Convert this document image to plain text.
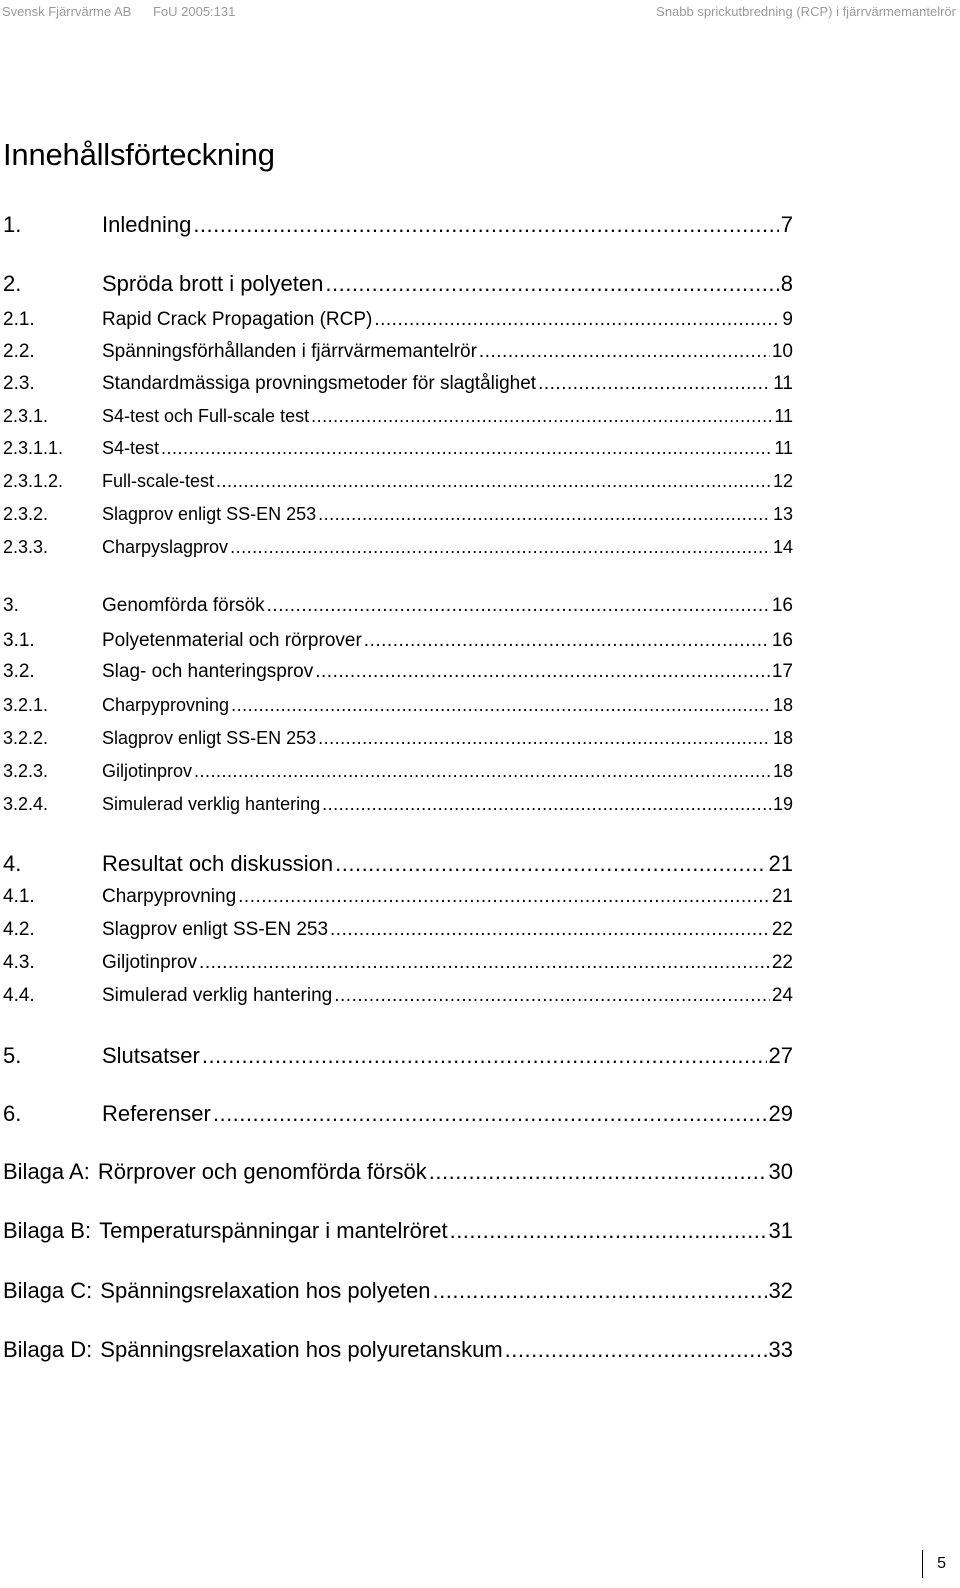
Svensk Fjärrvärme AB FoU 2005:131	Snabb sprickutbredning (RCP) i fjärrvärmemantelrör
Innehållsförteckning
1.	Inledning .....	7
2.	Spröda brott i polyeten .....	8
2.1.	Rapid Crack Propagation (RCP) .....	9
2.2.	Spänningsförhållanden i fjärrvärmemantelrör .....	10
2.3.	Standardmässiga provningsmetoder för slagtålighet .....	11
2.3.1.	S4-test och Full-scale test .....	11
2.3.1.1.	S4-test .....	11
2.3.1.2.	Full-scale-test .....	12
2.3.2.	Slagprov enligt SS-EN 253 .....	13
2.3.3.	Charpyslagprov .....	14
3.	Genomförda försök .....	16
3.1.	Polyetenmaterial och rörprover .....	16
3.2.	Slag- och hanteringsprov .....	17
3.2.1.	Charpyprovning .....	18
3.2.2.	Slagprov enligt SS-EN 253 .....	18
3.2.3.	Giljotinprov .....	18
3.2.4.	Simulerad verklig hantering .....	19
4.	Resultat och diskussion .....	21
4.1.	Charpyprovning .....	21
4.2.	Slagprov enligt SS-EN 253 .....	22
4.3.	Giljotinprov .....	22
4.4.	Simulerad verklig hantering .....	24
5.	Slutsatser .....	27
6.	Referenser .....	29
Bilaga A: Rörprover och genomförda försök .....	30
Bilaga B: Temperaturspänningar i mantelröret .....	31
Bilaga C: Spänningsrelaxation hos polyeten .....	32
Bilaga D: Spänningsrelaxation hos polyuretanskum .....	33
5
